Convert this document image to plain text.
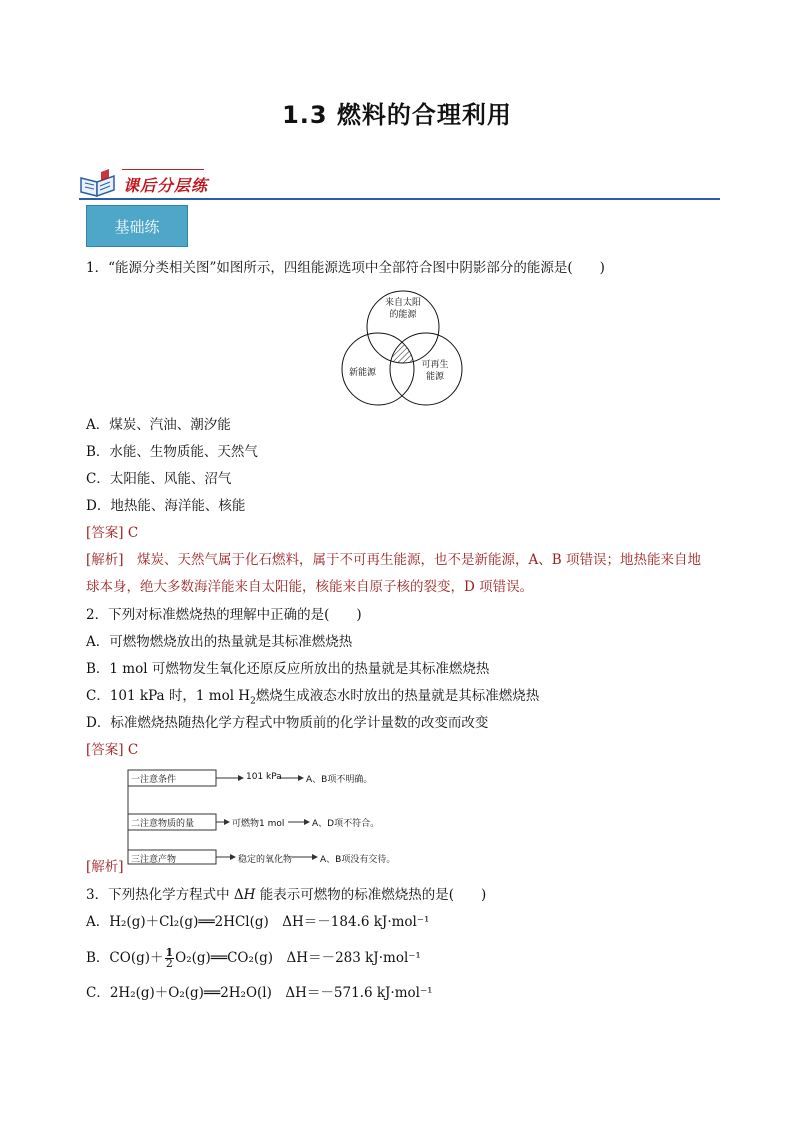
1.3 燃料的合理利用
课后分层练
基础练
1．“能源分类相关图”如图所示，四组能源选项中全部符合图中阴影部分的能源是(　　)
来自太阳
的能源
新能源
可再生
能源
A．煤炭、汽油、潮汐能
B．水能、生物质能、天然气
C．太阳能、风能、沼气
D．地热能、海洋能、核能
[答案] C
[解析]　 煤炭、天然气属于化石燃料，属于不可再生能源，也不是新能源，A、B 项错误；地热能来自地
球本身，绝大多数海洋能来自太阳能，核能来自原子核的裂变，D 项错误。
2．下列对标准燃烧热的理解中正确的是(　　)
A．可燃物燃烧放出的热量就是其标准燃烧热
B．1 mol 可燃物发生氧化还原反应所放出的热量就是其标准燃烧热
C．101 kPa 时，1 mol $H_2$燃烧生成液态水时放出的热量就是其标准燃烧热
D．标准燃烧热随热化学方程式中物质前的化学计量数的改变而改变
[答案] C
一注意条件
二注意物质的量
三注意产物
101 kPa	A、B项不明确。
可燃物1 mol	A、D项不符合。
稳定的氧化物	A、B项没有交待。
[解析]
3．下列热化学方程式中 ΔH 能表示可燃物的标准燃烧热的是(　　)
A．H₂(g)＋Cl₂(g)══2HCl(g)　ΔH＝－184.6 kJ·mol⁻¹
B．$CO(g)+ \frac{1}{2}$ O₂(g)══CO₂(g)　ΔH＝－283 kJ·mol⁻¹
C．2H₂(g)＋O₂(g)══2H₂O(l)　ΔH＝－571.6 kJ·mol⁻¹
